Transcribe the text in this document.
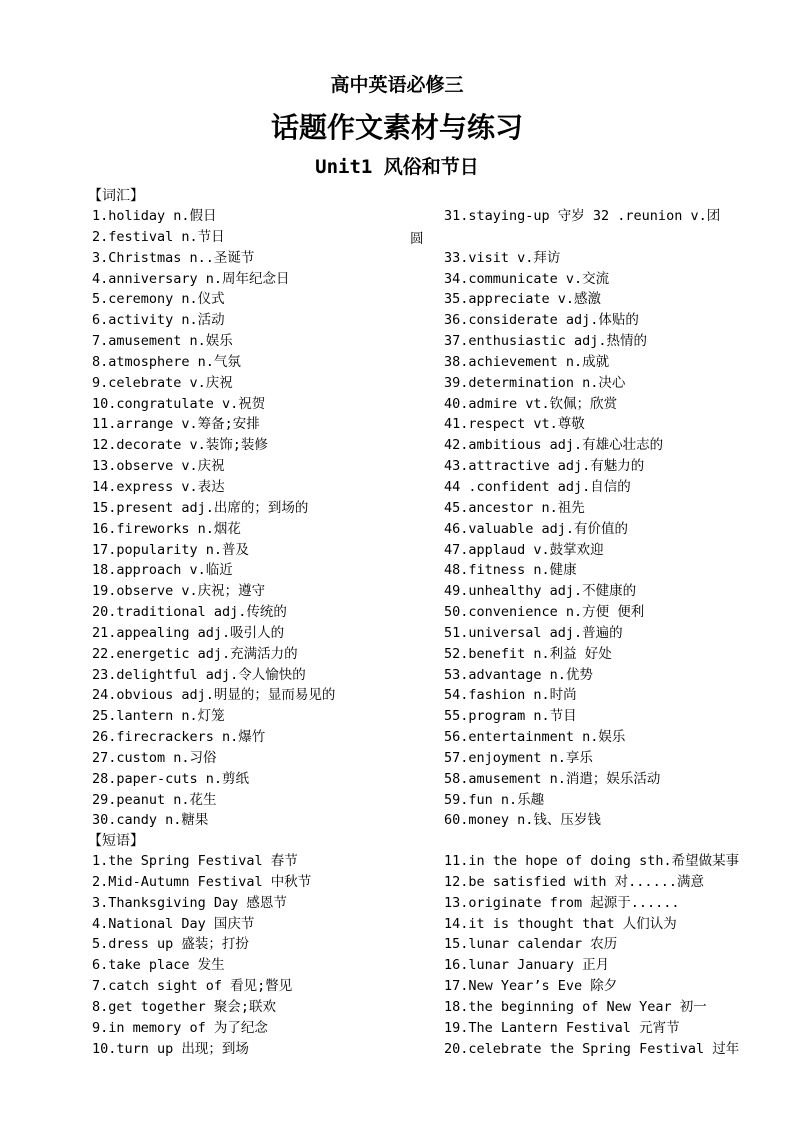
高中英语必修三
话题作文素材与练习
Unit1 风俗和节日
【词汇】
1.holiday n.假日
2.festival n.节日
3.Christmas n..圣诞节
4.anniversary n.周年纪念日
5.ceremony n.仪式
6.activity n.活动
7.amusement n.娱乐
8.atmosphere n.气氛
9.celebrate v.庆祝
10.congratulate v.祝贺
11.arrange v.筹备;安排
12.decorate v.装饰;装修
13.observe v.庆祝
14.express v.表达
15.present adj.出席的；到场的
16.fireworks n.烟花
17.popularity n.普及
18.approach v.临近
19.observe v.庆祝；遵守
20.traditional adj.传统的
21.appealing adj.吸引人的
22.energetic adj.充满活力的
23.delightful adj.令人愉快的
24.obvious adj.明显的；显而易见的
25.lantern n.灯笼
26.firecrackers n.爆竹
27.custom n.习俗
28.paper-cuts n.剪纸
29.peanut n.花生
30.candy n.糖果
31.staying-up 守岁 32 .reunion v.团
33.visit v.拜访
34.communicate v.交流
35.appreciate v.感激
36.considerate adj.体贴的
37.enthusiastic adj.热情的
38.achievement n.成就
39.determination n.决心
40.admire vt.钦佩；欣赏
41.respect vt.尊敬
42.ambitious adj.有雄心壮志的
43.attractive adj.有魅力的
44 .confident adj.自信的
45.ancestor n.祖先
46.valuable adj.有价值的
47.applaud v.鼓掌欢迎
48.fitness n.健康
49.unhealthy adj.不健康的
50.convenience n.方便 便利
51.universal adj.普遍的
52.benefit n.利益 好处
53.advantage n.优势
54.fashion n.时尚
55.program n.节目
56.entertainment n.娱乐
57.enjoyment n.享乐
58.amusement n.消遣；娱乐活动
59.fun n.乐趣
60.money n.钱、压岁钱
圆
【短语】
1.the Spring Festival 春节
2.Mid-Autumn Festival 中秋节
3.Thanksgiving Day 感恩节
4.National Day 国庆节
5.dress up 盛装；打扮
6.take place 发生
7.catch sight of 看见;瞥见
8.get together 聚会;联欢
9.in memory of 为了纪念
10.turn up 出现；到场
11.in the hope of doing sth.希望做某事
12.be satisfied with 对......满意
13.originate from 起源于......
14.it is thought that 人们认为
15.lunar calendar 农历
16.lunar January 正月
17.New Year’s Eve 除夕
18.the beginning of New Year 初一
19.The Lantern Festival 元宵节
20.celebrate the Spring Festival 过年
